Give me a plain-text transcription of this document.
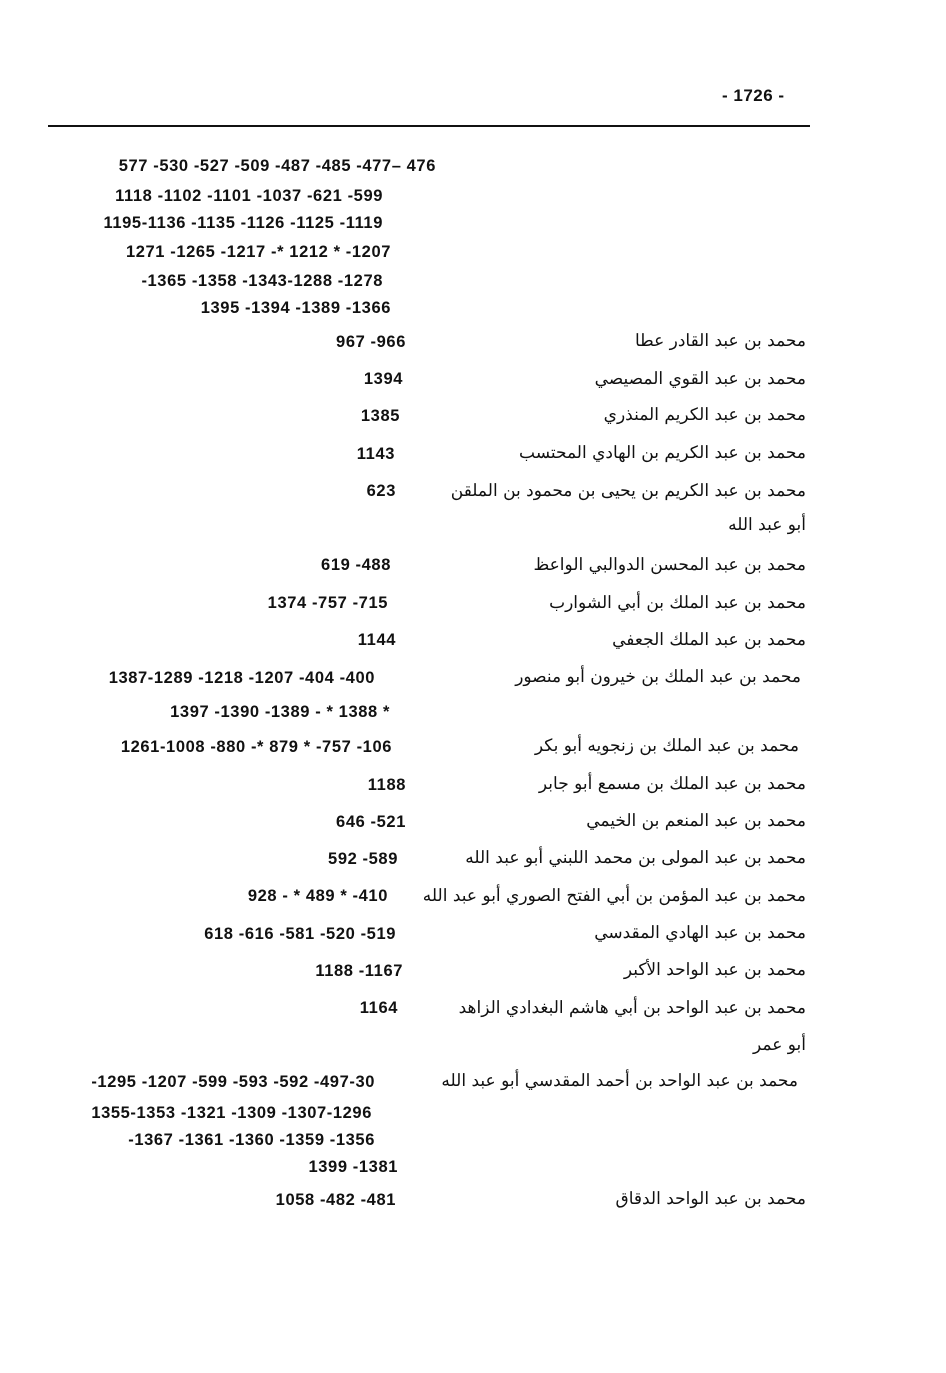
- 1726 -
577 -530 -527 -509 -487 -485 -477– 476
1118 -1102 -1101 -1037 -621 -599
1195-1136 -1135 -1126 -1125 -1119
1271 -1265 -1217 -* 1212 * -1207
-1365 -1358 -1343-1288 -1278
1395 -1394 -1389 -1366
محمد بن عبد القادر عطا
967 -966
محمد بن عبد القوي المصيصي
1394
محمد بن عبد الكريم المنذري
1385
محمد بن عبد الكريم بن الهادي المحتسب
1143
محمد بن عبد الكريم بن يحيى بن محمود بن الملقن
623
أبو عبد الله
محمد بن عبد المحسن الدوالبي الواعظ
619 -488
محمد بن عبد الملك بن أبي الشوارب
1374 -757 -715
محمد بن عبد الملك الجعفي
1144
محمد بن عبد الملك بن خيرون أبو منصور
1387-1289 -1218 -1207 -404 -400
1397 -1390 -1389 - * 1388 *
محمد بن عبد الملك بن زنجويه أبو بكر
1261-1008 -880 -* 879 * -757 -106
محمد بن عبد الملك بن مسمع أبو جابر
1188
محمد بن عبد المنعم بن الخيمي
646 -521
محمد بن عبد المولى بن محمد اللبني أبو عبد الله
592 -589
محمد بن عبد المؤمن بن أبي الفتح الصوري أبو عبد الله
928 - * 489 * -410
محمد بن عبد الهادي المقدسي
618 -616 -581 -520 -519
محمد بن عبد الواحد الأكبر
1188 -1167
محمد بن عبد الواحد بن أبي هاشم البغدادي الزاهد
1164
أبو عمر
محمد بن عبد الواحد بن أحمد المقدسي أبو عبد الله
-1295 -1207 -599 -593 -592 -497-30
1355-1353 -1321 -1309 -1307-1296
-1367 -1361 -1360 -1359 -1356
1399 -1381
محمد بن عبد الواحد الدقاق
1058 -482 -481
